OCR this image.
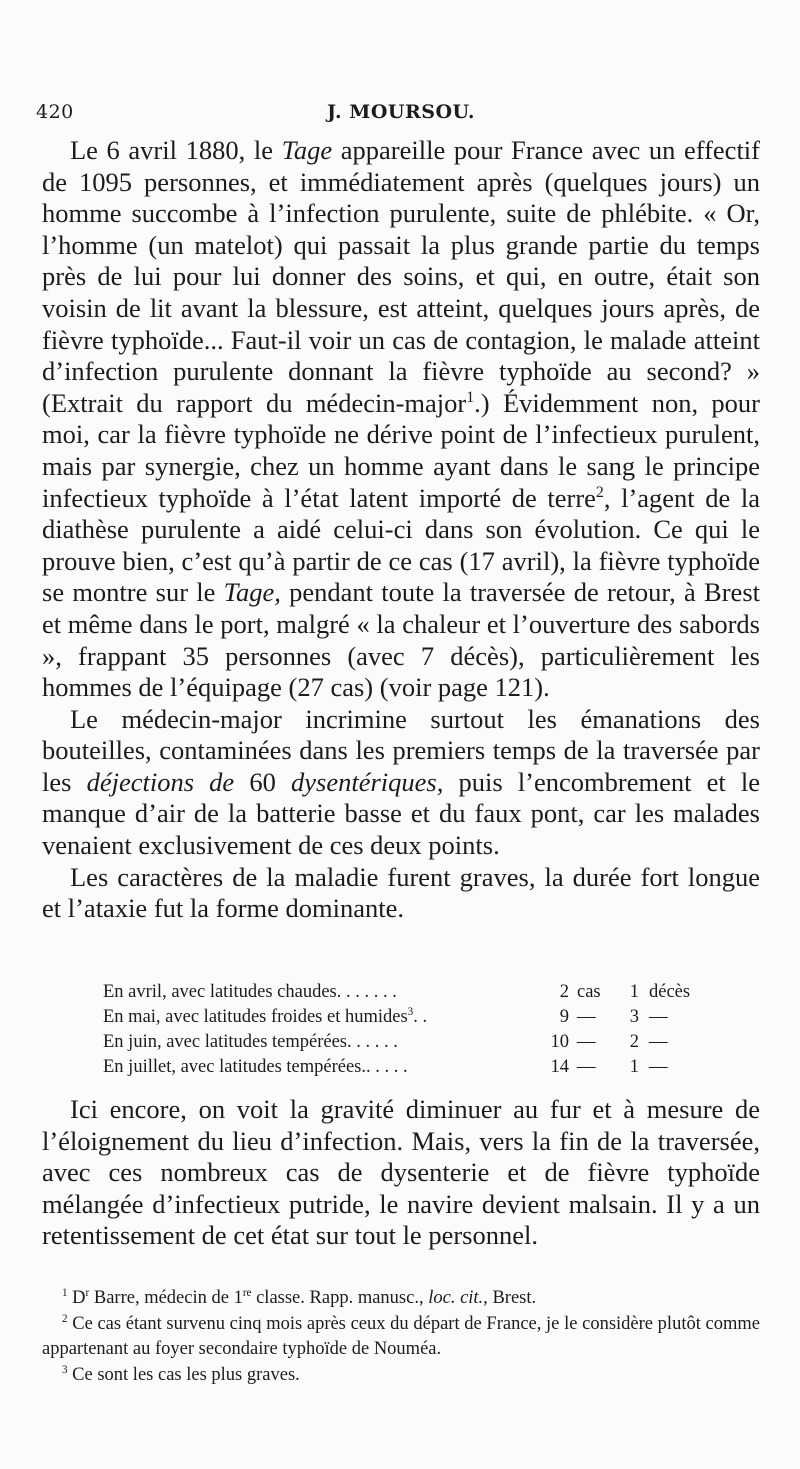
420	J. MOURSOU.

Le 6 avril 1880, le Tage appareille pour France avec un effectif de 1095 personnes, et immédiatement après (quelques jours) un homme succombe à l’infection purulente, suite de phlébite. « Or, l’homme (un matelot) qui passait la plus grande partie du temps près de lui pour lui donner des soins, et qui, en outre, était son voisin de lit avant la blessure, est atteint, quelques jours après, de fièvre typhoïde... Faut-il voir un cas de contagion, le malade atteint d’infection purulente donnant la fièvre typhoïde au second? » (Extrait du rapport du médecin-major$^1$.) Évidemment non, pour moi, car la fièvre typhoïde ne dérive point de l’infectieux purulent, mais par synergie, chez un homme ayant dans le sang le principe infectieux typhoïde à l’état latent importé de terre$^2$, l’agent de la diathèse purulente a aidé celui-ci dans son évolution. Ce qui le prouve bien, c’est qu’à partir de ce cas (17 avril), la fièvre typhoïde se montre sur le Tage, pendant toute la traversée de retour, à Brest et même dans le port, malgré « la chaleur et l’ouverture des sabords », frappant 35 personnes (avec 7 décès), particulièrement les hommes de l’équipage (27 cas) (voir page 121).

Le médecin-major incrimine surtout les émanations des bouteilles, contaminées dans les premiers temps de la traversée par les déjections de 60 dysentériques, puis l’encombrement et le manque d’air de la batterie basse et du faux pont, car les malades venaient exclusivement de ces deux points.

Les caractères de la maladie furent graves, la durée fort longue et l’ataxie fut la forme dominante.

En avril, avec latitudes chaudes. . . . . . .	2 cas	1 décès
En mai, avec latitudes froides et humides$^3$. .	9 —	3 —
En juin, avec latitudes tempérées. . . . . .	10 —	2 —
En juillet, avec latitudes tempérées.. . . . .	14 —	1 —

Ici encore, on voit la gravité diminuer au fur et à mesure de l’éloignement du lieu d’infection. Mais, vers la fin de la traversée, avec ces nombreux cas de dysenterie et de fièvre typhoïde mélangée d’infectieux putride, le navire devient malsain. Il y a un retentissement de cet état sur tout le personnel.

$^1$ $D^r$ Barre, médecin de 1re classe. Rapp. manusc., loc. cit., Brest.

$^2$ Ce cas étant survenu cinq mois après ceux du départ de France, je le considère plutôt comme appartenant au foyer secondaire typhoïde de Nouméa.

$^3$ Ce sont les cas les plus graves.
